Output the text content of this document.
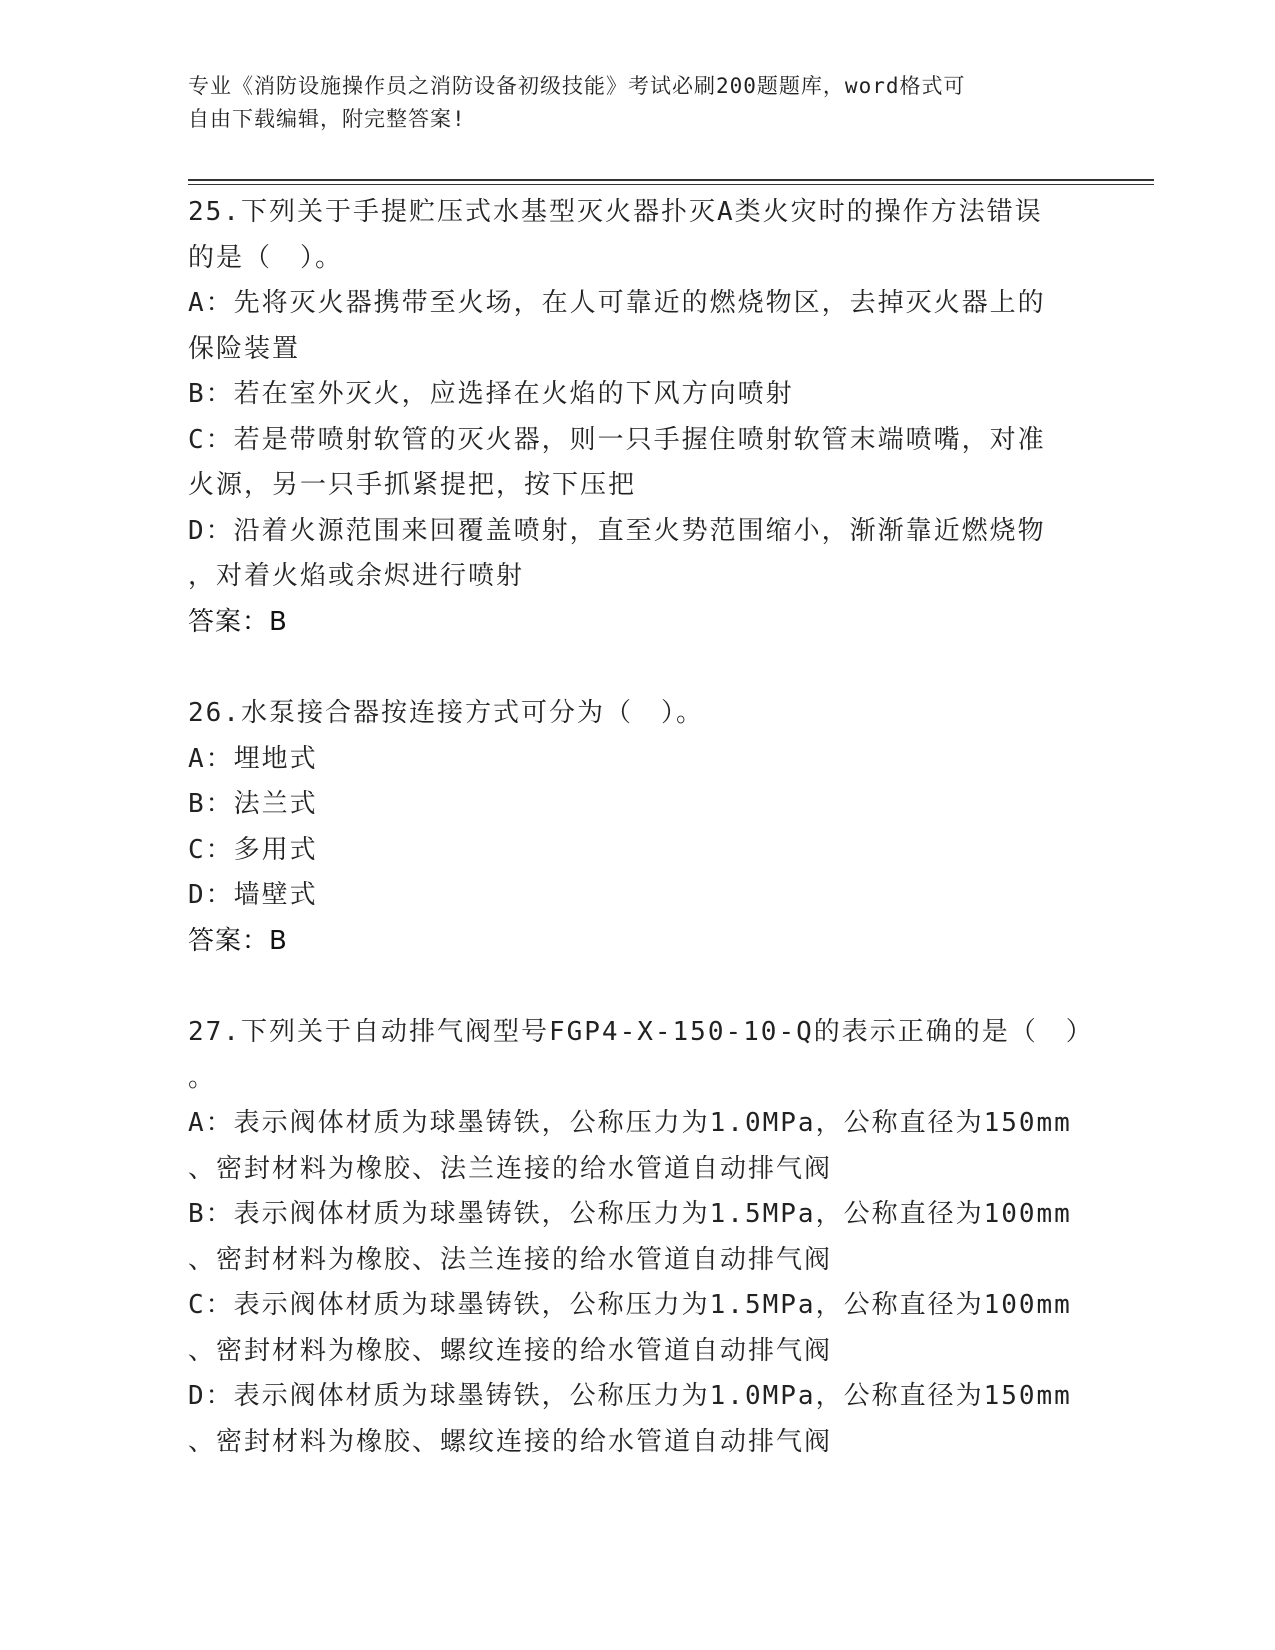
专业《消防设施操作员之消防设备初级技能》考试必刷200题题库，word格式可
自由下载编辑，附完整答案!
25.下列关于手提贮压式水基型灭火器扑灭A类火灾时的操作方法错误
的是（　）。
A：先将灭火器携带至火场，在人可靠近的燃烧物区，去掉灭火器上的
保险装置
B：若在室外灭火，应选择在火焰的下风方向喷射
C：若是带喷射软管的灭火器，则一只手握住喷射软管末端喷嘴，对准
火源，另一只手抓紧提把，按下压把
D：沿着火源范围来回覆盖喷射，直至火势范围缩小，渐渐靠近燃烧物
，对着火焰或余烬进行喷射
答案：B
26.水泵接合器按连接方式可分为（　）。
A：埋地式
B：法兰式
C：多用式
D：墙壁式
答案：B
27.下列关于自动排气阀型号FGP4-X-150-10-Q的表示正确的是（　）
。
A：表示阀体材质为球墨铸铁，公称压力为1.0MPa，公称直径为150mm
、密封材料为橡胶、法兰连接的给水管道自动排气阀
B：表示阀体材质为球墨铸铁，公称压力为1.5MPa，公称直径为100mm
、密封材料为橡胶、法兰连接的给水管道自动排气阀
C：表示阀体材质为球墨铸铁，公称压力为1.5MPa，公称直径为100mm
、密封材料为橡胶、螺纹连接的给水管道自动排气阀
D：表示阀体材质为球墨铸铁，公称压力为1.0MPa，公称直径为150mm
、密封材料为橡胶、螺纹连接的给水管道自动排气阀
